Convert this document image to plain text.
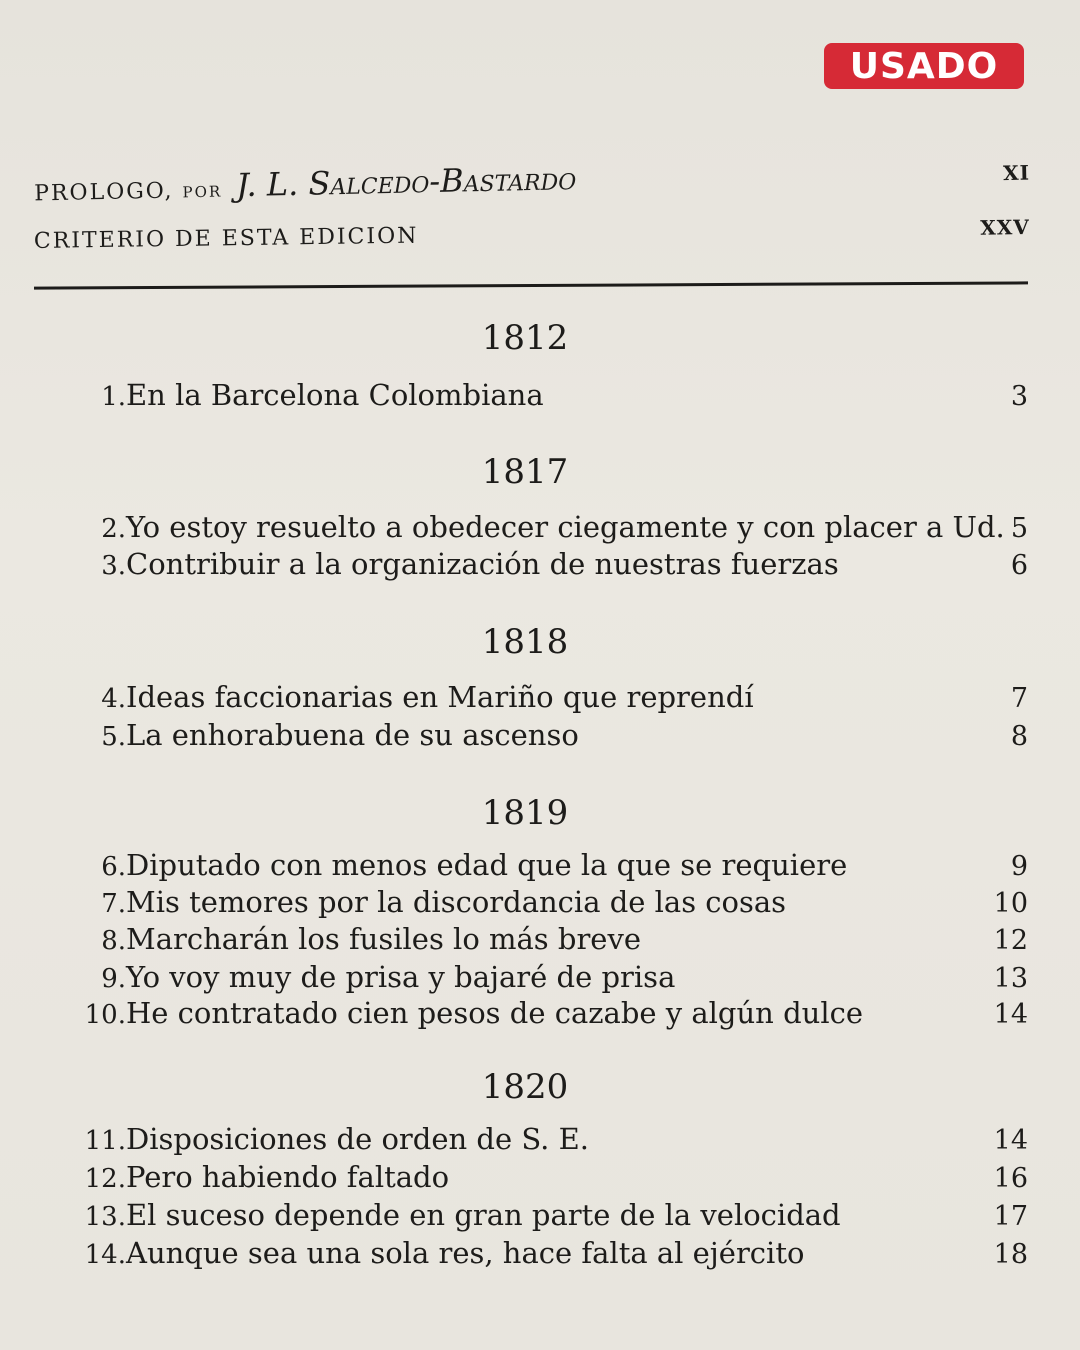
USADO
PROLOGO, por J. L. Salcedo-Bastardo	XI
CRITERIO DE ESTA EDICION	XXV
1812
1. En la Barcelona Colombiana	3
1817
2. Yo estoy resuelto a obedecer ciegamente y con placer a Ud. 5
3. Contribuir a la organización de nuestras fuerzas	6
1818
4. Ideas faccionarias en Mariño que reprendí	7
5. La enhorabuena de su ascenso	8
1819
6. Diputado con menos edad que la que se requiere	9
7. Mis temores por la discordancia de las cosas	10
8. Marcharán los fusiles lo más breve	12
9. Yo voy muy de prisa y bajaré de prisa	13
10. He contratado cien pesos de cazabe y algún dulce	14
1820
11. Disposiciones de orden de S. E.	14
12. Pero habiendo faltado	16
13. El suceso depende en gran parte de la velocidad	17
14. Aunque sea una sola res, hace falta al ejército	18
